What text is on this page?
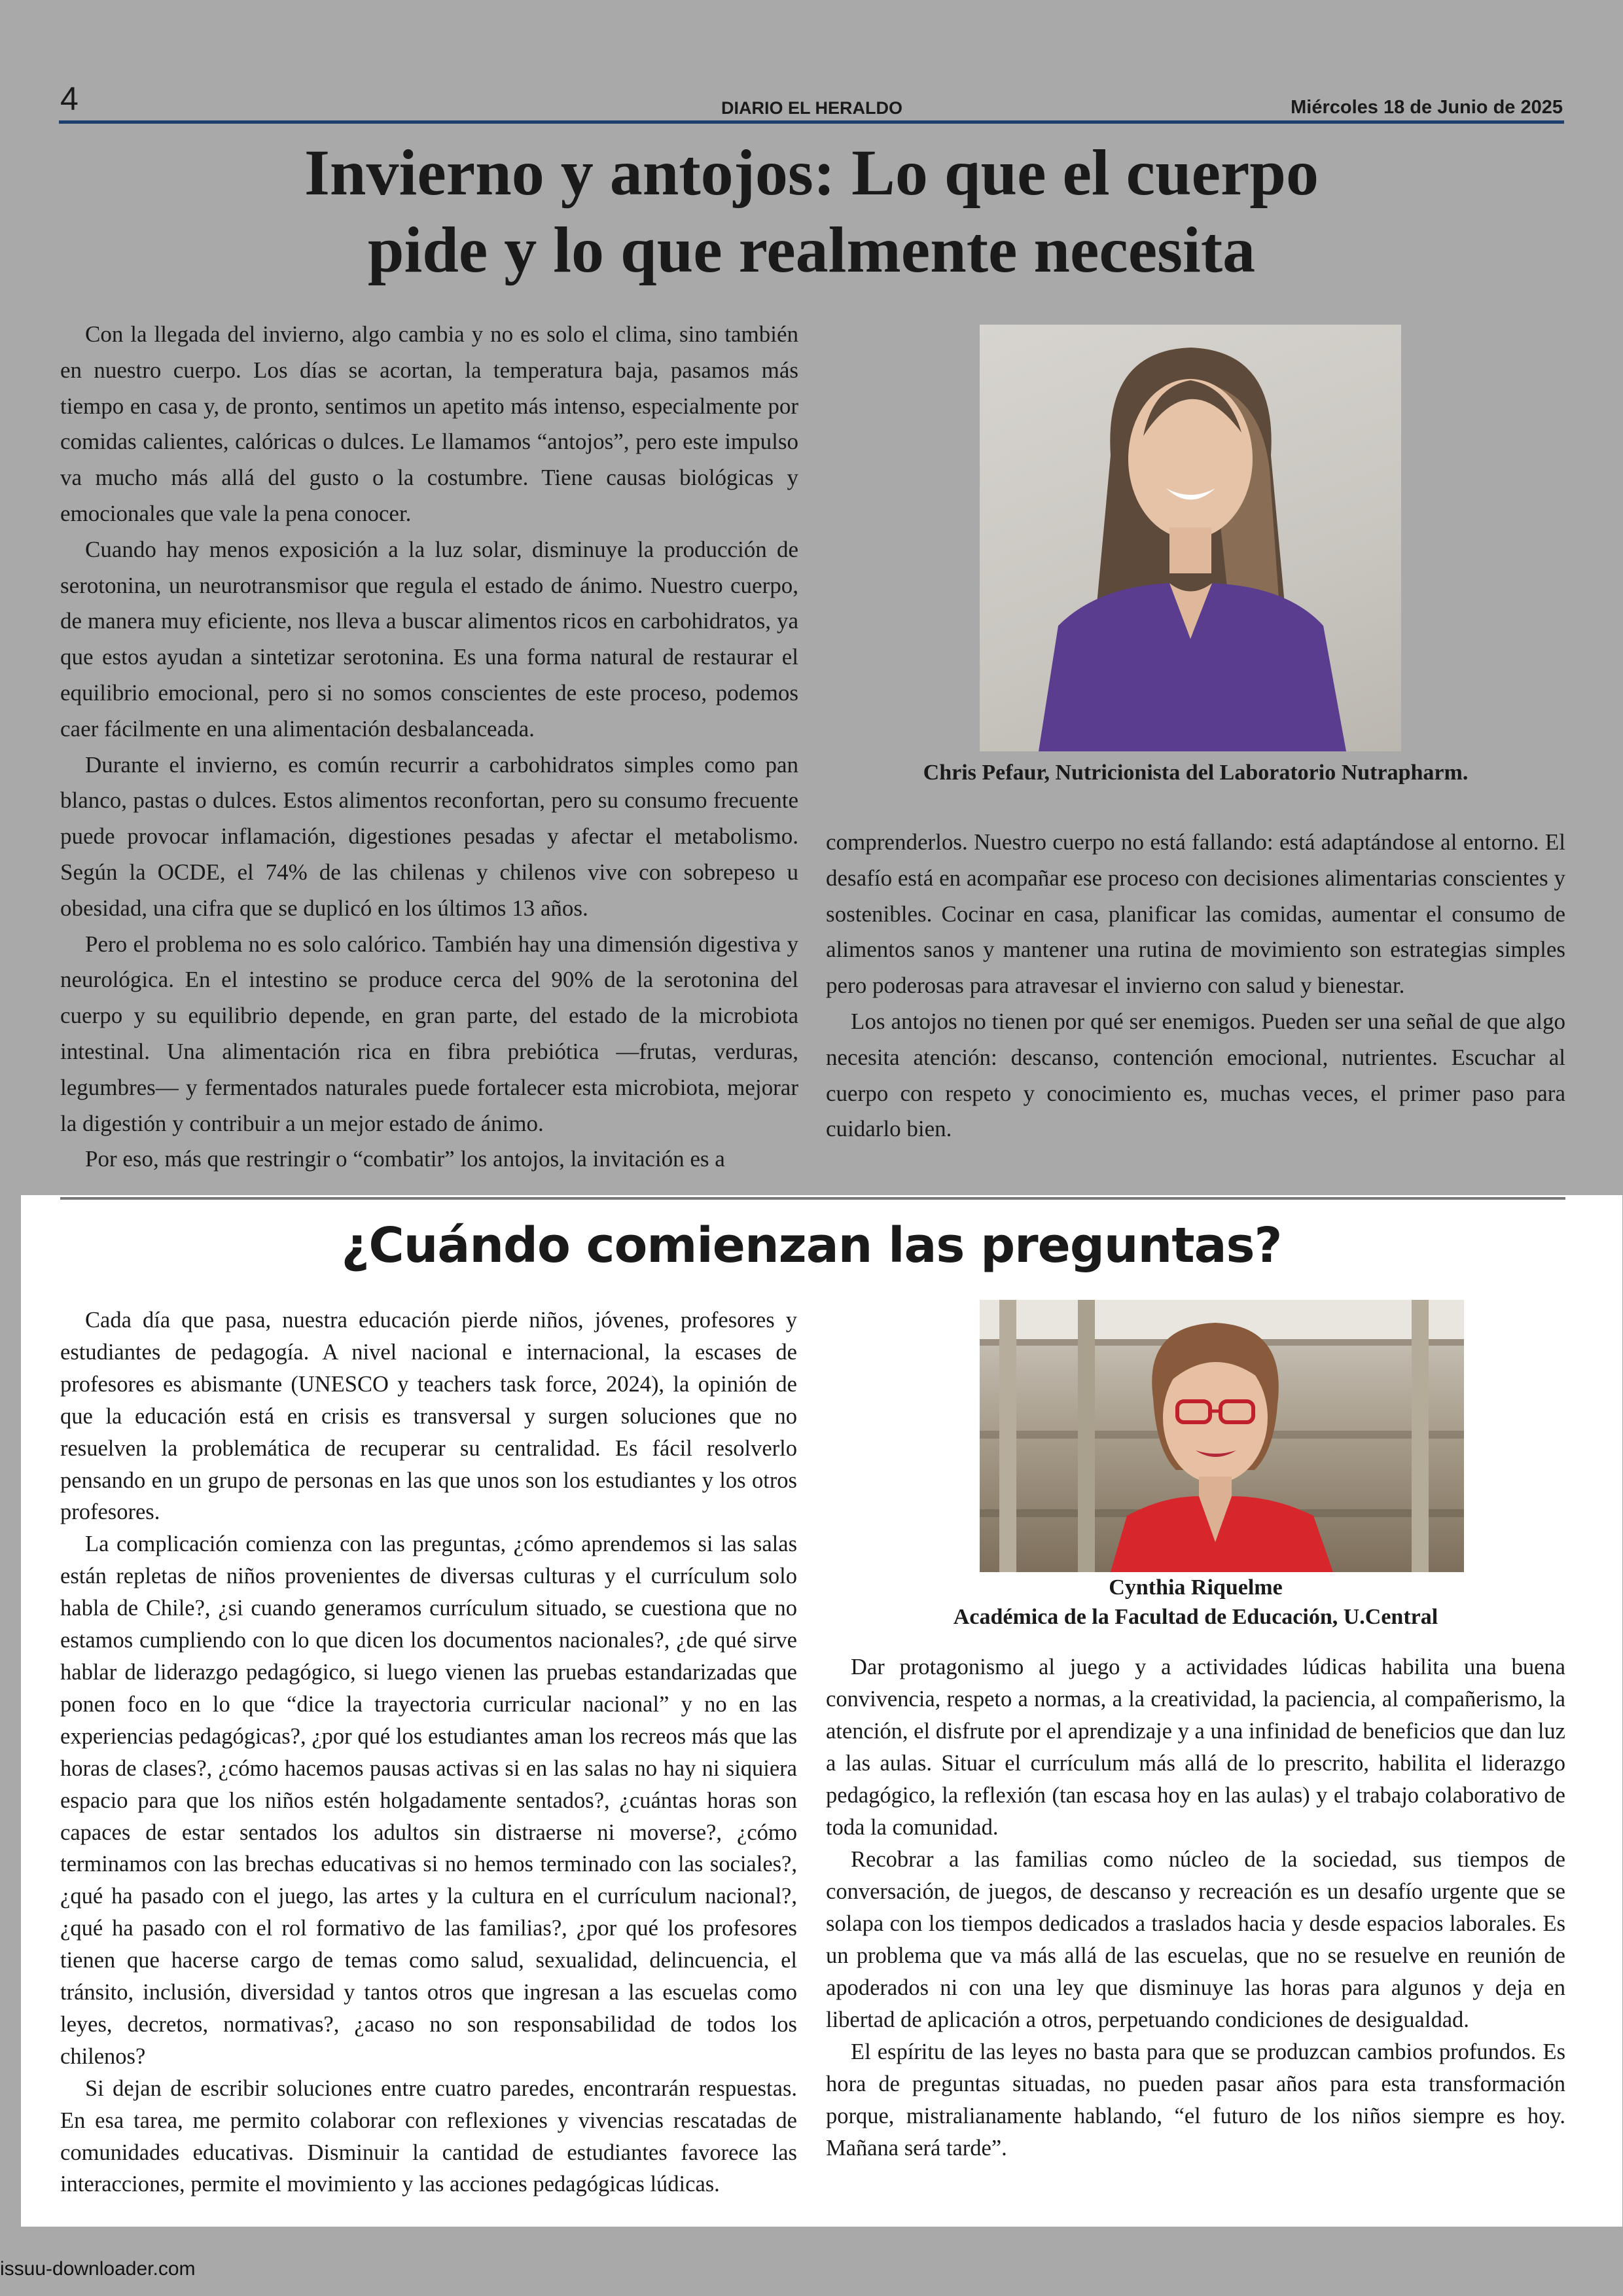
4	DIARIO EL HERALDO	Miércoles 18 de Junio de 2025
Invierno y antojos: Lo que el cuerpo
pide y lo que realmente necesita

Con la llegada del invierno, algo cambia y no es solo el clima, sino también en nuestro cuerpo. Los días se acortan, la temperatura baja, pasamos más tiempo en casa y, de pronto, sentimos un apetito más intenso, especialmente por comidas calientes, calóricas o dulces. Le llamamos “antojos”, pero este impulso va mucho más allá del gusto o la costumbre. Tiene causas biológicas y emocionales que vale la pena conocer.

Cuando hay menos exposición a la luz solar, disminuye la producción de serotonina, un neurotransmisor que regula el estado de ánimo. Nuestro cuerpo, de manera muy eficiente, nos lleva a buscar alimentos ricos en carbohidratos, ya que estos ayudan a sintetizar serotonina. Es una forma natural de restaurar el equilibrio emocional, pero si no somos conscientes de este proceso, podemos caer fácilmente en una alimentación desbalanceada.

Durante el invierno, es común recurrir a carbohidratos simples como pan blanco, pastas o dulces. Estos alimentos reconfortan, pero su consumo frecuente puede provocar inflamación, digestiones pesadas y afectar el metabolismo. Según la OCDE, el 74% de las chilenas y chilenos vive con sobrepeso u obesidad, una cifra que se duplicó en los últimos 13 años.

Pero el problema no es solo calórico. También hay una dimensión digestiva y neurológica. En el intestino se produce cerca del 90% de la serotonina del cuerpo y su equilibrio depende, en gran parte, del estado de la microbiota intestinal. Una alimentación rica en fibra prebiótica —frutas, verduras, legumbres— y fermentados naturales puede fortalecer esta microbiota, mejorar la digestión y contribuir a un mejor estado de ánimo.

Por eso, más que restringir o “combatir” los antojos, la invitación es a

Chris Pefaur, Nutricionista del Laboratorio Nutrapharm.

comprenderlos. Nuestro cuerpo no está fallando: está adaptándose al entorno. El desafío está en acompañar ese proceso con decisiones alimentarias conscientes y sostenibles. Cocinar en casa, planificar las comidas, aumentar el consumo de alimentos sanos y mantener una rutina de movimiento son estrategias simples pero poderosas para atravesar el invierno con salud y bienestar.

Los antojos no tienen por qué ser enemigos. Pueden ser una señal de que algo necesita atención: descanso, contención emocional, nutrientes. Escuchar al cuerpo con respeto y conocimiento es, muchas veces, el primer paso para cuidarlo bien.

¿Cuándo comienzan las preguntas?

Cada día que pasa, nuestra educación pierde niños, jóvenes, profesores y estudiantes de pedagogía. A nivel nacional e internacional, la escases de profesores es abismante (UNESCO y teachers task force, 2024), la opinión de que la educación está en crisis es transversal y surgen soluciones que no resuelven la problemática de recuperar su centralidad. Es fácil resolverlo pensando en un grupo de personas en las que unos son los estudiantes y los otros profesores.

La complicación comienza con las preguntas, ¿cómo aprendemos si las salas están repletas de niños provenientes de diversas culturas y el currículum solo habla de Chile?, ¿si cuando generamos currículum situado, se cuestiona que no estamos cumpliendo con lo que dicen los documentos nacionales?, ¿de qué sirve hablar de liderazgo pedagógico, si luego vienen las pruebas estandarizadas que ponen foco en lo que “dice la trayectoria curricular nacional” y no en las experiencias pedagógicas?, ¿por qué los estudiantes aman los recreos más que las horas de clases?, ¿cómo hacemos pausas activas si en las salas no hay ni siquiera espacio para que los niños estén holgadamente sentados?, ¿cuántas horas son capaces de estar sentados los adultos sin distraerse ni moverse?, ¿cómo terminamos con las brechas educativas si no hemos terminado con las sociales?, ¿qué ha pasado con el juego, las artes y la cultura en el currículum nacional?, ¿qué ha pasado con el rol formativo de las familias?, ¿por qué los profesores tienen que hacerse cargo de temas como salud, sexualidad, delincuencia, el tránsito, inclusión, diversidad y tantos otros que ingresan a las escuelas como leyes, decretos, normativas?, ¿acaso no son responsabilidad de todos los chilenos?

Si dejan de escribir soluciones entre cuatro paredes, encontrarán respuestas. En esa tarea, me permito colaborar con reflexiones y vivencias rescatadas de comunidades educativas. Disminuir la cantidad de estudiantes favorece las interacciones, permite el movimiento y las acciones pedagógicas lúdicas.

Cynthia Riquelme
Académica de la Facultad de Educación, U.Central

Dar protagonismo al juego y a actividades lúdicas habilita una buena convivencia, respeto a normas, a la creatividad, la paciencia, al compañerismo, la atención, el disfrute por el aprendizaje y a una infinidad de beneficios que dan luz a las aulas. Situar el currículum más allá de lo prescrito, habilita el liderazgo pedagógico, la reflexión (tan escasa hoy en las aulas) y el trabajo colaborativo de toda la comunidad.

Recobrar a las familias como núcleo de la sociedad, sus tiempos de conversación, de juegos, de descanso y recreación es un desafío urgente que se solapa con los tiempos dedicados a traslados hacia y desde espacios laborales. Es un problema que va más allá de las escuelas, que no se resuelve en reunión de apoderados ni con una ley que disminuye las horas para algunos y deja en libertad de aplicación a otros, perpetuando condiciones de desigualdad.

El espíritu de las leyes no basta para que se produzcan cambios profundos. Es hora de preguntas situadas, no pueden pasar años para esta transformación porque, mistralianamente hablando, “el futuro de los niños siempre es hoy. Mañana será tarde”.

issuu-downloader.com
